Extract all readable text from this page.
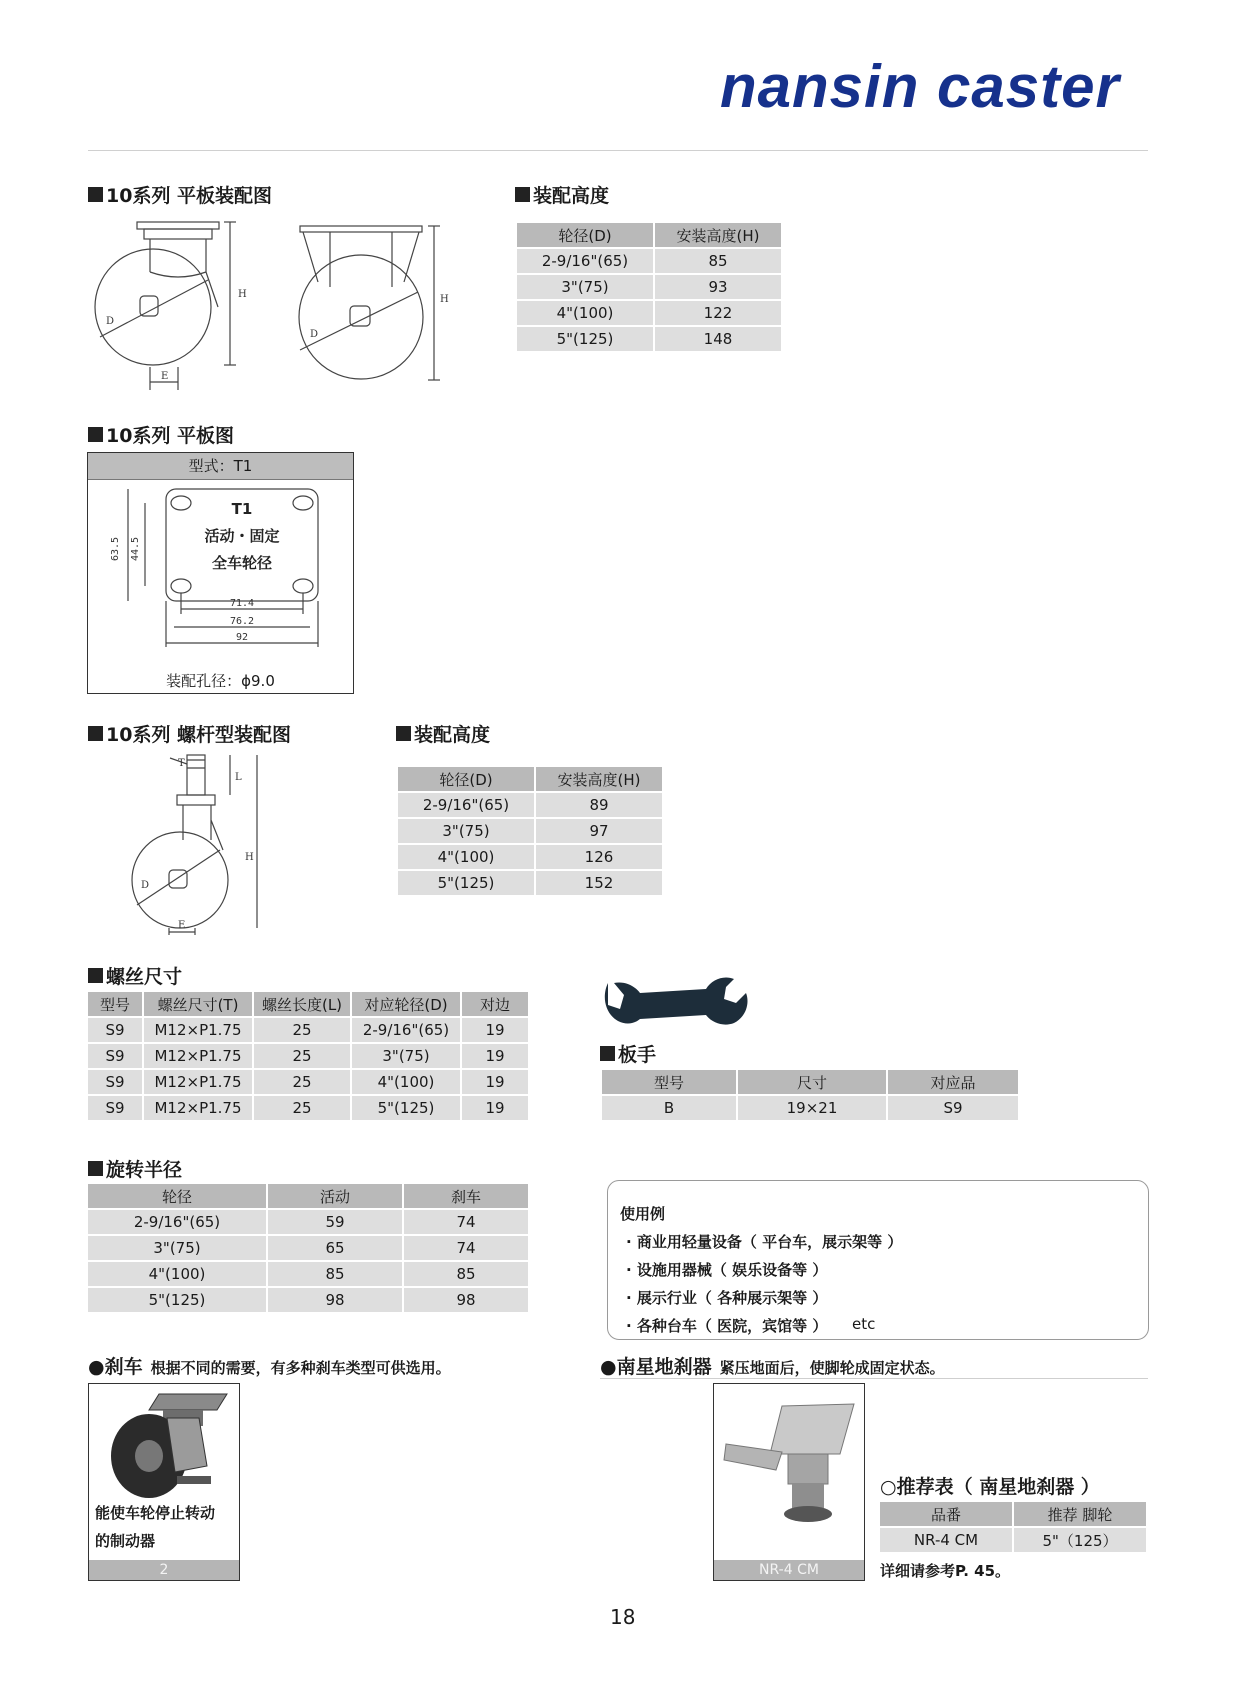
nansin caster
10系列 平板装配图
D
H
E
D
H
装配高度
轮径(D)	安装高度(H)
2-9/16"(65)	85
3"(75)	93
4"(100)	122
5"(125)	148
10系列 平板图
型式：T1
71.4
76.2
92
63.5 44.5
T1
活动・固定
全车轮径
装配孔径：ϕ9.0
10系列 螺杆型装配图
T
L
H
D
E
装配高度
轮径(D)	安装高度(H)
2-9/16"(65)	89
3"(75)	97
4"(100)	126
5"(125)	152
螺丝尺寸
型号	螺丝尺寸(T)	螺丝长度(L)	对应轮径(D)	对边
S9	M12×P1.75	25	2-9/16"(65)	19
S9	M12×P1.75	25	3"(75)	19
S9	M12×P1.75	25	4"(100)	19
S9	M12×P1.75	25	5"(125)	19
板手
型号	尺寸	对应品
B	19×21	S9
旋转半径
轮径	活动	刹车
2-9/16"(65)	59	74
3"(75)	65	74
4"(100)	85	85
5"(125)	98	98
使用例
· 商业用轻量设备（ 平台车，展示架等 ）
· 设施用器械（ 娱乐设备等 ）
· 展示行业（ 各种展示架等 ）
· 各种台车（ 医院，宾馆等 ） etc
●刹车 根据不同的需要，有多种刹车类型可供选用。
能使车轮停止转动
的制动器
2
●南星地刹器 紧压地面后，使脚轮成固定状态。
NR-4 CM
○推荐表（ 南星地刹器 ）
品番	推荐 脚轮
NR-4 CM	5"（125）
详细请参考P. 45。
18
